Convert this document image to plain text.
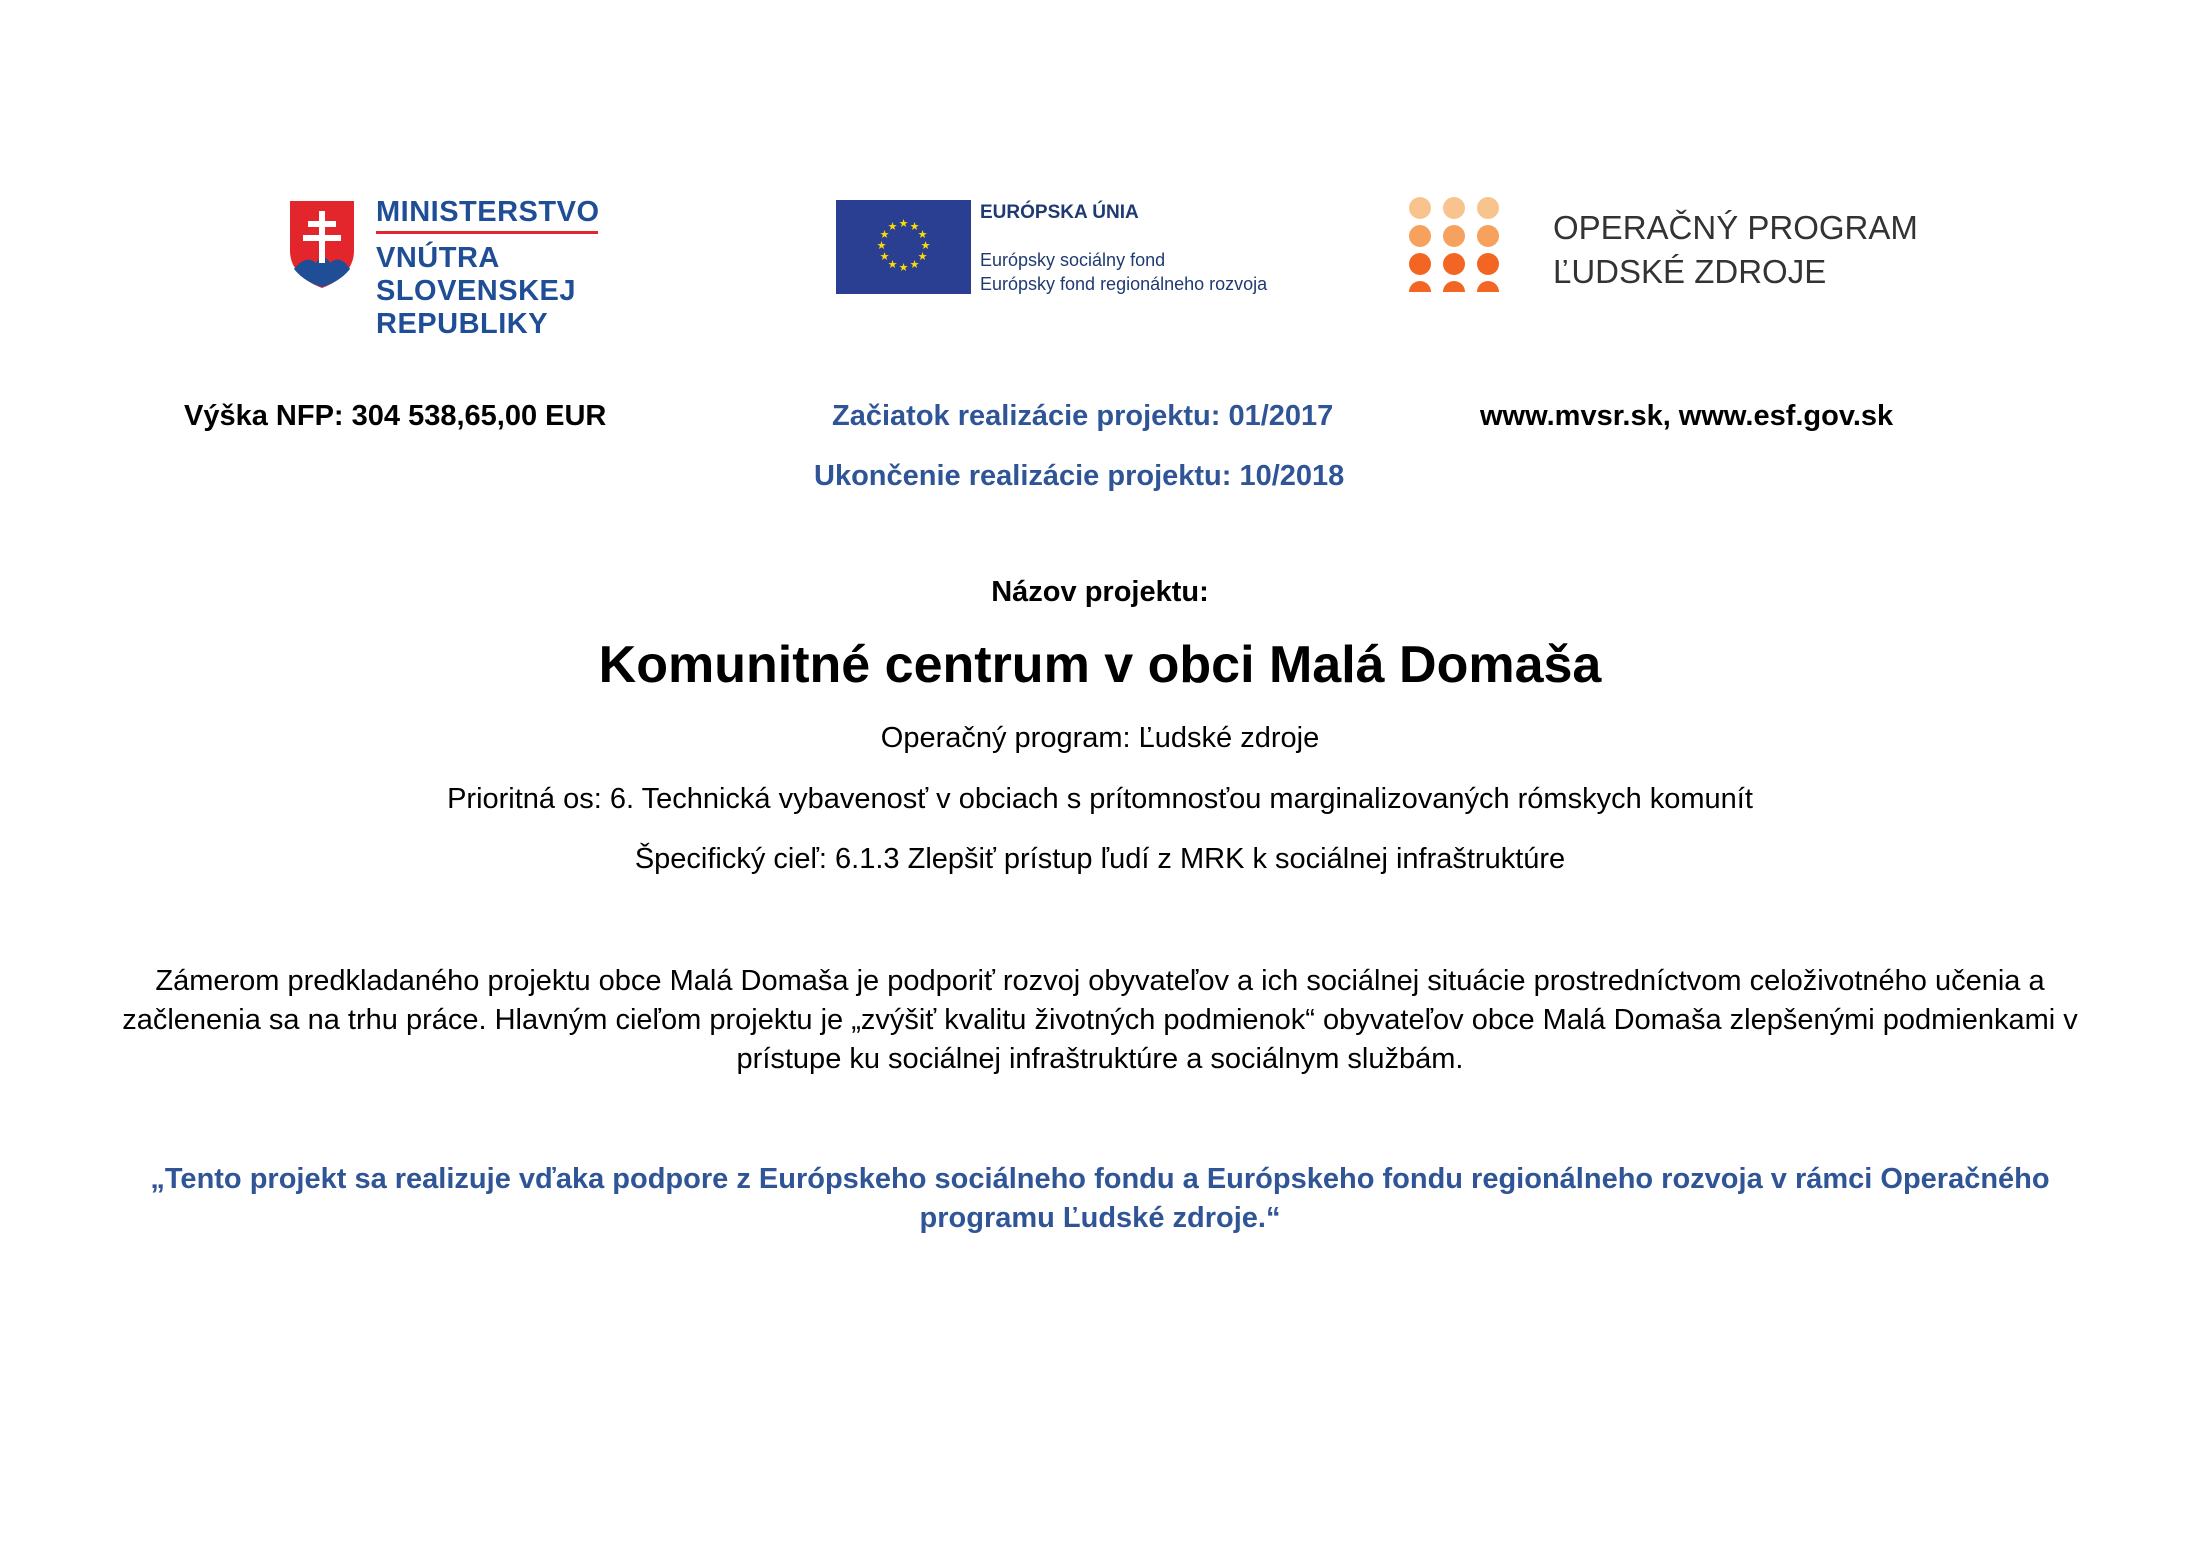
MINISTERSTVO
VNÚTRA
SLOVENSKEJ REPUBLIKY
★ ★
★
★
★
★
★
★
★
★
★
★
EURÓPSKA ÚNIA
Európsky sociálny fond
Európsky fond regionálneho rozvoja
OPERAČNÝ PROGRAM
ĽUDSKÉ ZDROJE
Výška NFP: 304 538,65,00 EUR	Začiatok realizácie projektu: 01/2017
Ukončenie realizácie projektu: 10/2018
www.mvsr.sk, www.esf.gov.sk
Názov projektu:
Komunitné centrum v obci Malá Domaša
Operačný program: Ľudské zdroje
Prioritná os: 6. Technická vybavenosť v obciach s prítomnosťou marginalizovaných rómskych komunít
Špecifický cieľ: 6.1.3 Zlepšiť prístup ľudí z MRK k sociálnej infraštruktúre
Zámerom predkladaného projektu obce Malá Domaša je podporiť rozvoj obyvateľov a ich sociálnej situácie prostredníctvom celoživotného učenia a začlenenia sa na trhu práce. Hlavným cieľom projektu je „zvýšiť kvalitu životných podmienok“ obyvateľov obce Malá Domaša zlepšenými podmienkami v prístupe ku sociálnej infraštruktúre a sociálnym službám.
„Tento projekt sa realizuje vďaka podpore z Európskeho sociálneho fondu a Európskeho fondu regionálneho rozvoja v rámci Operačného programu Ľudské zdroje.“
